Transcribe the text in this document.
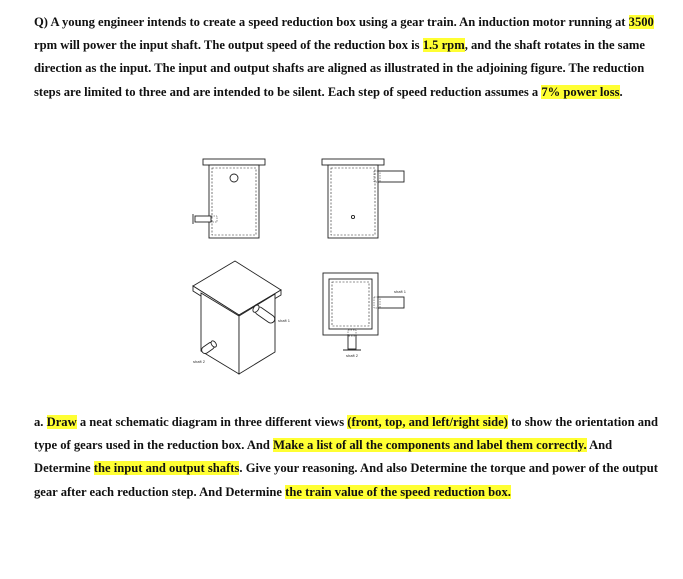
Q) A young engineer intends to create a speed reduction box using a gear train. An induction motor running at 3500 rpm will power the input shaft. The output speed of the reduction box is 1.5 rpm, and the shaft rotates in the same direction as the input. The input and output shafts are aligned as illustrated in the adjoining figure. The reduction steps are limited to three and are intended to be silent. Each step of speed reduction assumes a 7% power loss.

shaft 1
shaft 2
shaft 1
shaft 2

a. Draw a neat schematic diagram in three different views (front, top, and left/right side) to show the orientation and type of gears used in the reduction box. And Make a list of all the components and label them correctly. And Determine the input and output shafts. Give your reasoning. And also Determine the torque and power of the output gear after each reduction step. And Determine the train value of the speed reduction box.
